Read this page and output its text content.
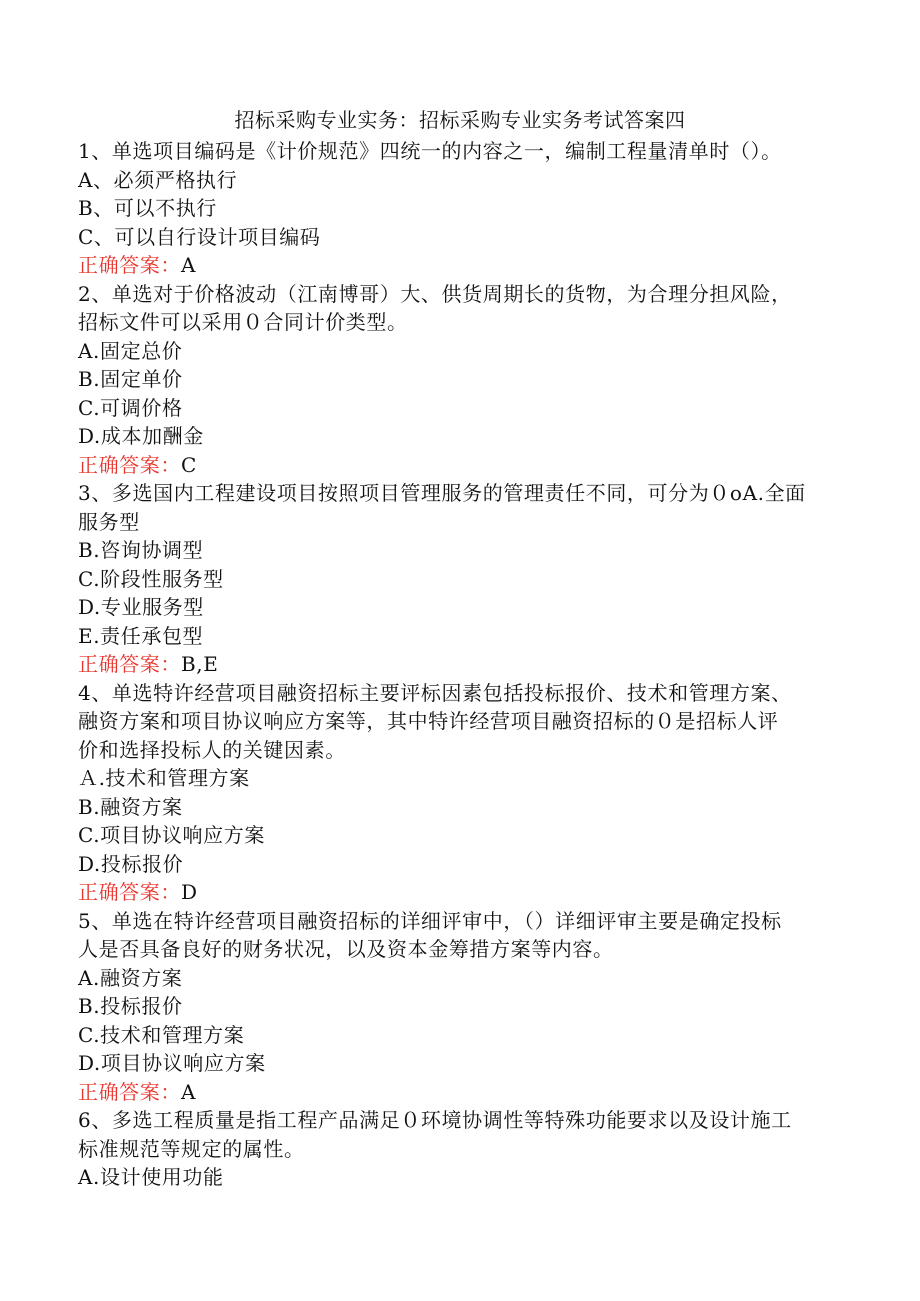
招标采购专业实务：招标采购专业实务考试答案四
1、单选项目编码是《计价规范》四统一的内容之一，编制工程量清单时（）。
A、必须严格执行
B、可以不执行
C、可以自行设计项目编码
正确答案：A
2、单选对于价格波动（江南博哥）大、供货周期长的货物，为合理分担风险，
招标文件可以采用０合同计价类型。
A.固定总价
B.固定单价
C.可调价格
D.成本加酬金
正确答案：C
3、多选国内工程建设项目按照项目管理服务的管理责任不同，可分为０oA.全面
服务型
B.咨询协调型
C.阶段性服务型
D.专业服务型
E.责任承包型
正确答案：B,E
4、单选特许经营项目融资招标主要评标因素包括投标报价、技术和管理方案、
融资方案和项目协议响应方案等，其中特许经营项目融资招标的０是招标人评
价和选择投标人的关键因素。
Ａ.技术和管理方案
B.融资方案
C.项目协议响应方案
D.投标报价
正确答案：D
5、单选在特许经营项目融资招标的详细评审中，（）详细评审主要是确定投标
人是否具备良好的财务状况，以及资本金筹措方案等内容。
A.融资方案
B.投标报价
C.技术和管理方案
D.项目协议响应方案
正确答案：A
6、多选工程质量是指工程产品满足０环境协调性等特殊功能要求以及设计施工
标准规范等规定的属性。
A.设计使用功能
